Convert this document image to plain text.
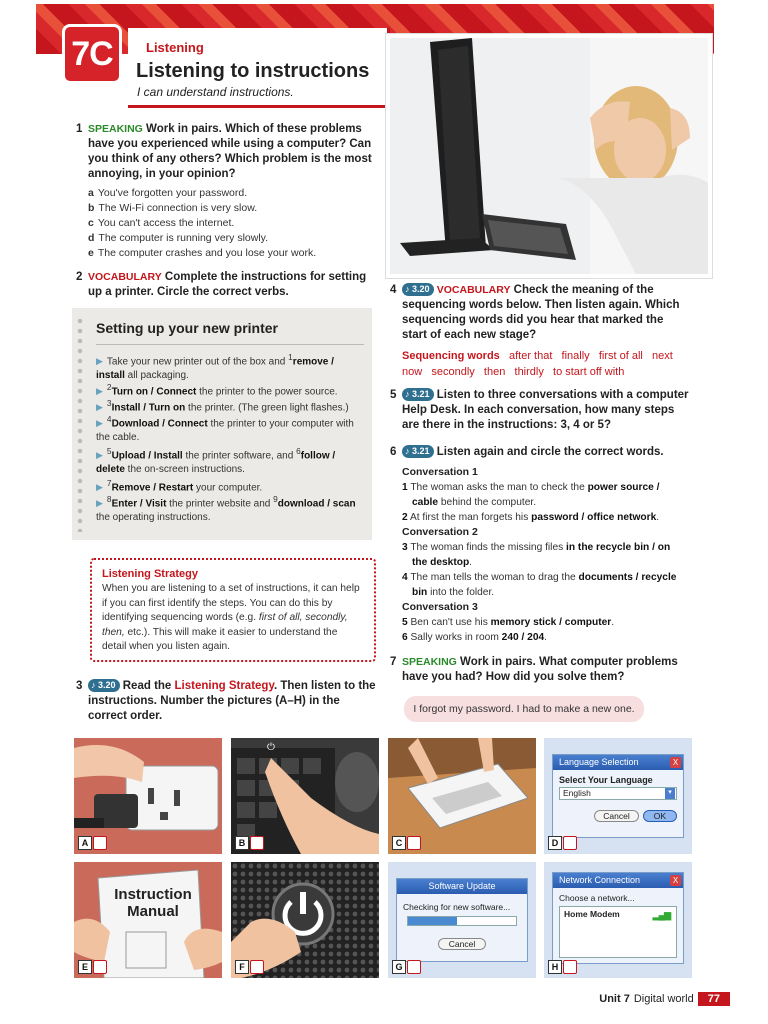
7C	Listening
Listening to instructions
I can understand instructions.
1 SPEAKING Work in pairs. Which of these problems have you experienced while using a computer? Can you think of any others? Which problem is the most annoying, in your opinion?
a You've forgotten your password.
b The Wi-Fi connection is very slow.
c You can't access the internet.
d The computer is running very slowly.
e The computer crashes and you lose your work.
2 VOCABULARY Complete the instructions for setting up a printer. Circle the correct verbs.
Setting up your new printer
▶ Take your new printer out of the box and $^1$remove / install all packaging.
▶ $^2$Turn on / Connect the printer to the power source.
▶ $^3$Install / Turn on the printer. (The green light flashes.)
▶ $^4$Download / Connect the printer to your computer with the cable.
▶ $^5$Upload / Install the printer software, and $^6$follow / delete the on-screen instructions.
▶ $^7$Remove / Restart your computer.
▶ $^8$Enter / Visit the printer website and $^9$download / scan the operating instructions.
Listening Strategy
When you are listening to a set of instructions, it can help if you can first identify the steps. You can do this by identifying sequencing words (e.g. first of all, secondly, then, etc.). This will make it easier to understand the detail when you listen again.
3 ♪ 3.20 Read the Listening Strategy. Then listen to the instructions. Number the pictures (A–H) in the correct order.
4 ♪ 3.20 VOCABULARY Check the meaning of the sequencing words below. Then listen again. Which sequencing words did you hear that marked the start of each new stage?
Sequencing words after that   finally   first of all   next   now   secondly   then   thirdly   to start off with
5 ♪ 3.21 Listen to three conversations with a computer Help Desk. In each conversation, how many steps are there in the instructions: 3, 4 or 5?
6 ♪ 3.21 Listen again and circle the correct words.
Conversation 1
1 The woman asks the man to check the power source / cable behind the computer.
2 At first the man forgets his password / office network.
Conversation 2
3 The woman finds the missing files in the recycle bin / on the desktop.
4 The man tells the woman to drag the documents / recycle bin into the folder.
Conversation 3
5 Ben can't use his memory stick / computer.
6 Sally works in room 240 / 204.
7 SPEAKING Work in pairs. What computer problems have you had? How did you solve them?
I forgot my password. I had to make a new one.
A
⏻
B	C
Language Selection	X
Select Your Language
English	▾
Cancel	OK
D
Instruction
Manual
E	F
Software Update
Checking for new software...
Cancel
G
Network Connection	X
Choose a network...
Home Modem	▂▄▆
H
Unit 7 Digital world	77
